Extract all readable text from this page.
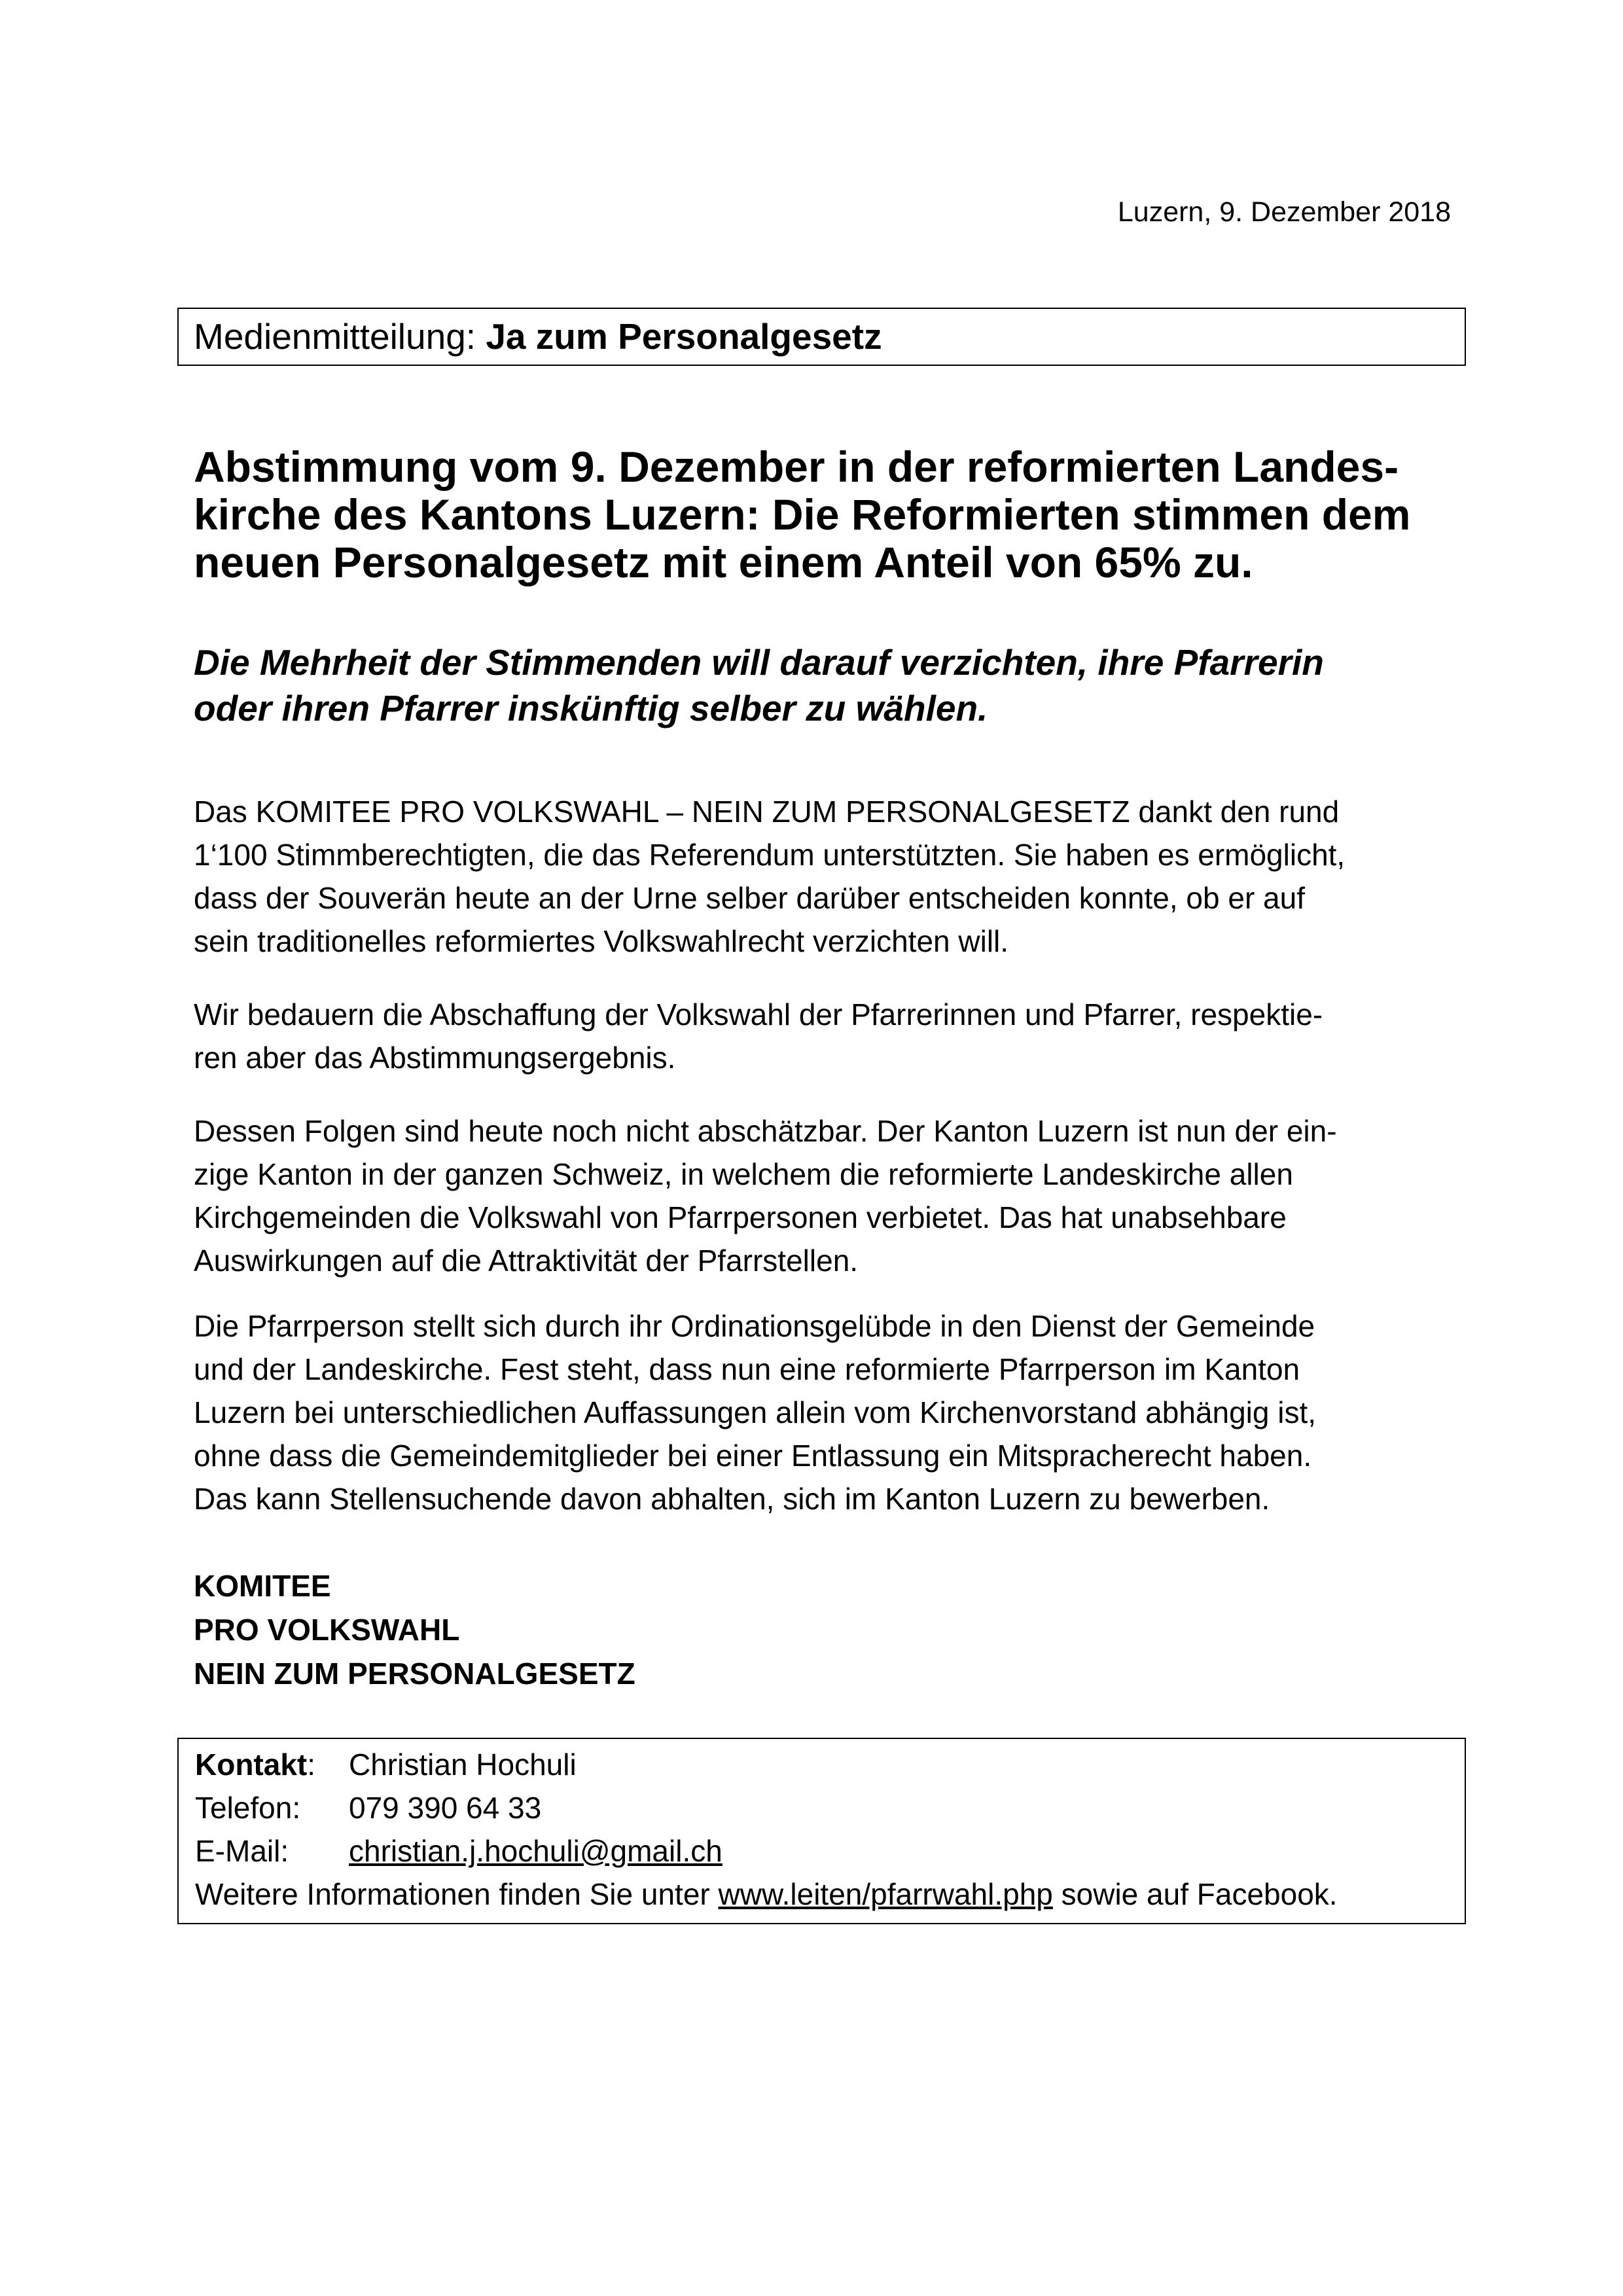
Luzern, 9. Dezember 2018
Medienmitteilung: Ja zum Personalgesetz
Abstimmung vom 9. Dezember in der reformierten Landes-
kirche des Kantons Luzern: Die Reformierten stimmen dem
neuen Personalgesetz mit einem Anteil von 65% zu.
Die Mehrheit der Stimmenden will darauf verzichten, ihre Pfarrerin
oder ihren Pfarrer inskünftig selber zu wählen.

Das KOMITEE PRO VOLKSWAHL – NEIN ZUM PERSONALGESETZ dankt den rund
1‘100 Stimmberechtigten, die das Referendum unterstützten. Sie haben es ermöglicht,
dass der Souverän heute an der Urne selber darüber entscheiden konnte, ob er auf
sein traditionelles reformiertes Volkswahlrecht verzichten will.

Wir bedauern die Abschaffung der Volkswahl der Pfarrerinnen und Pfarrer, respektie-
ren aber das Abstimmungsergebnis.

Dessen Folgen sind heute noch nicht abschätzbar. Der Kanton Luzern ist nun der ein-
zige Kanton in der ganzen Schweiz, in welchem die reformierte Landeskirche allen
Kirchgemeinden die Volkswahl von Pfarrpersonen verbietet. Das hat unabsehbare
Auswirkungen auf die Attraktivität der Pfarrstellen.

Die Pfarrperson stellt sich durch ihr Ordinationsgelübde in den Dienst der Gemeinde
und der Landeskirche. Fest steht, dass nun eine reformierte Pfarrperson im Kanton
Luzern bei unterschiedlichen Auffassungen allein vom Kirchenvorstand abhängig ist,
ohne dass die Gemeindemitglieder bei einer Entlassung ein Mitspracherecht haben.
Das kann Stellensuchende davon abhalten, sich im Kanton Luzern zu bewerben.

KOMITEE
PRO VOLKSWAHL
NEIN ZUM PERSONALGESETZ
Kontakt: Christian Hochuli
Telefon: 079 390 64 33
E-Mail: christian.j.hochuli@gmail.ch
Weitere Informationen finden Sie unter www.leiten/pfarrwahl.php sowie auf Facebook.
